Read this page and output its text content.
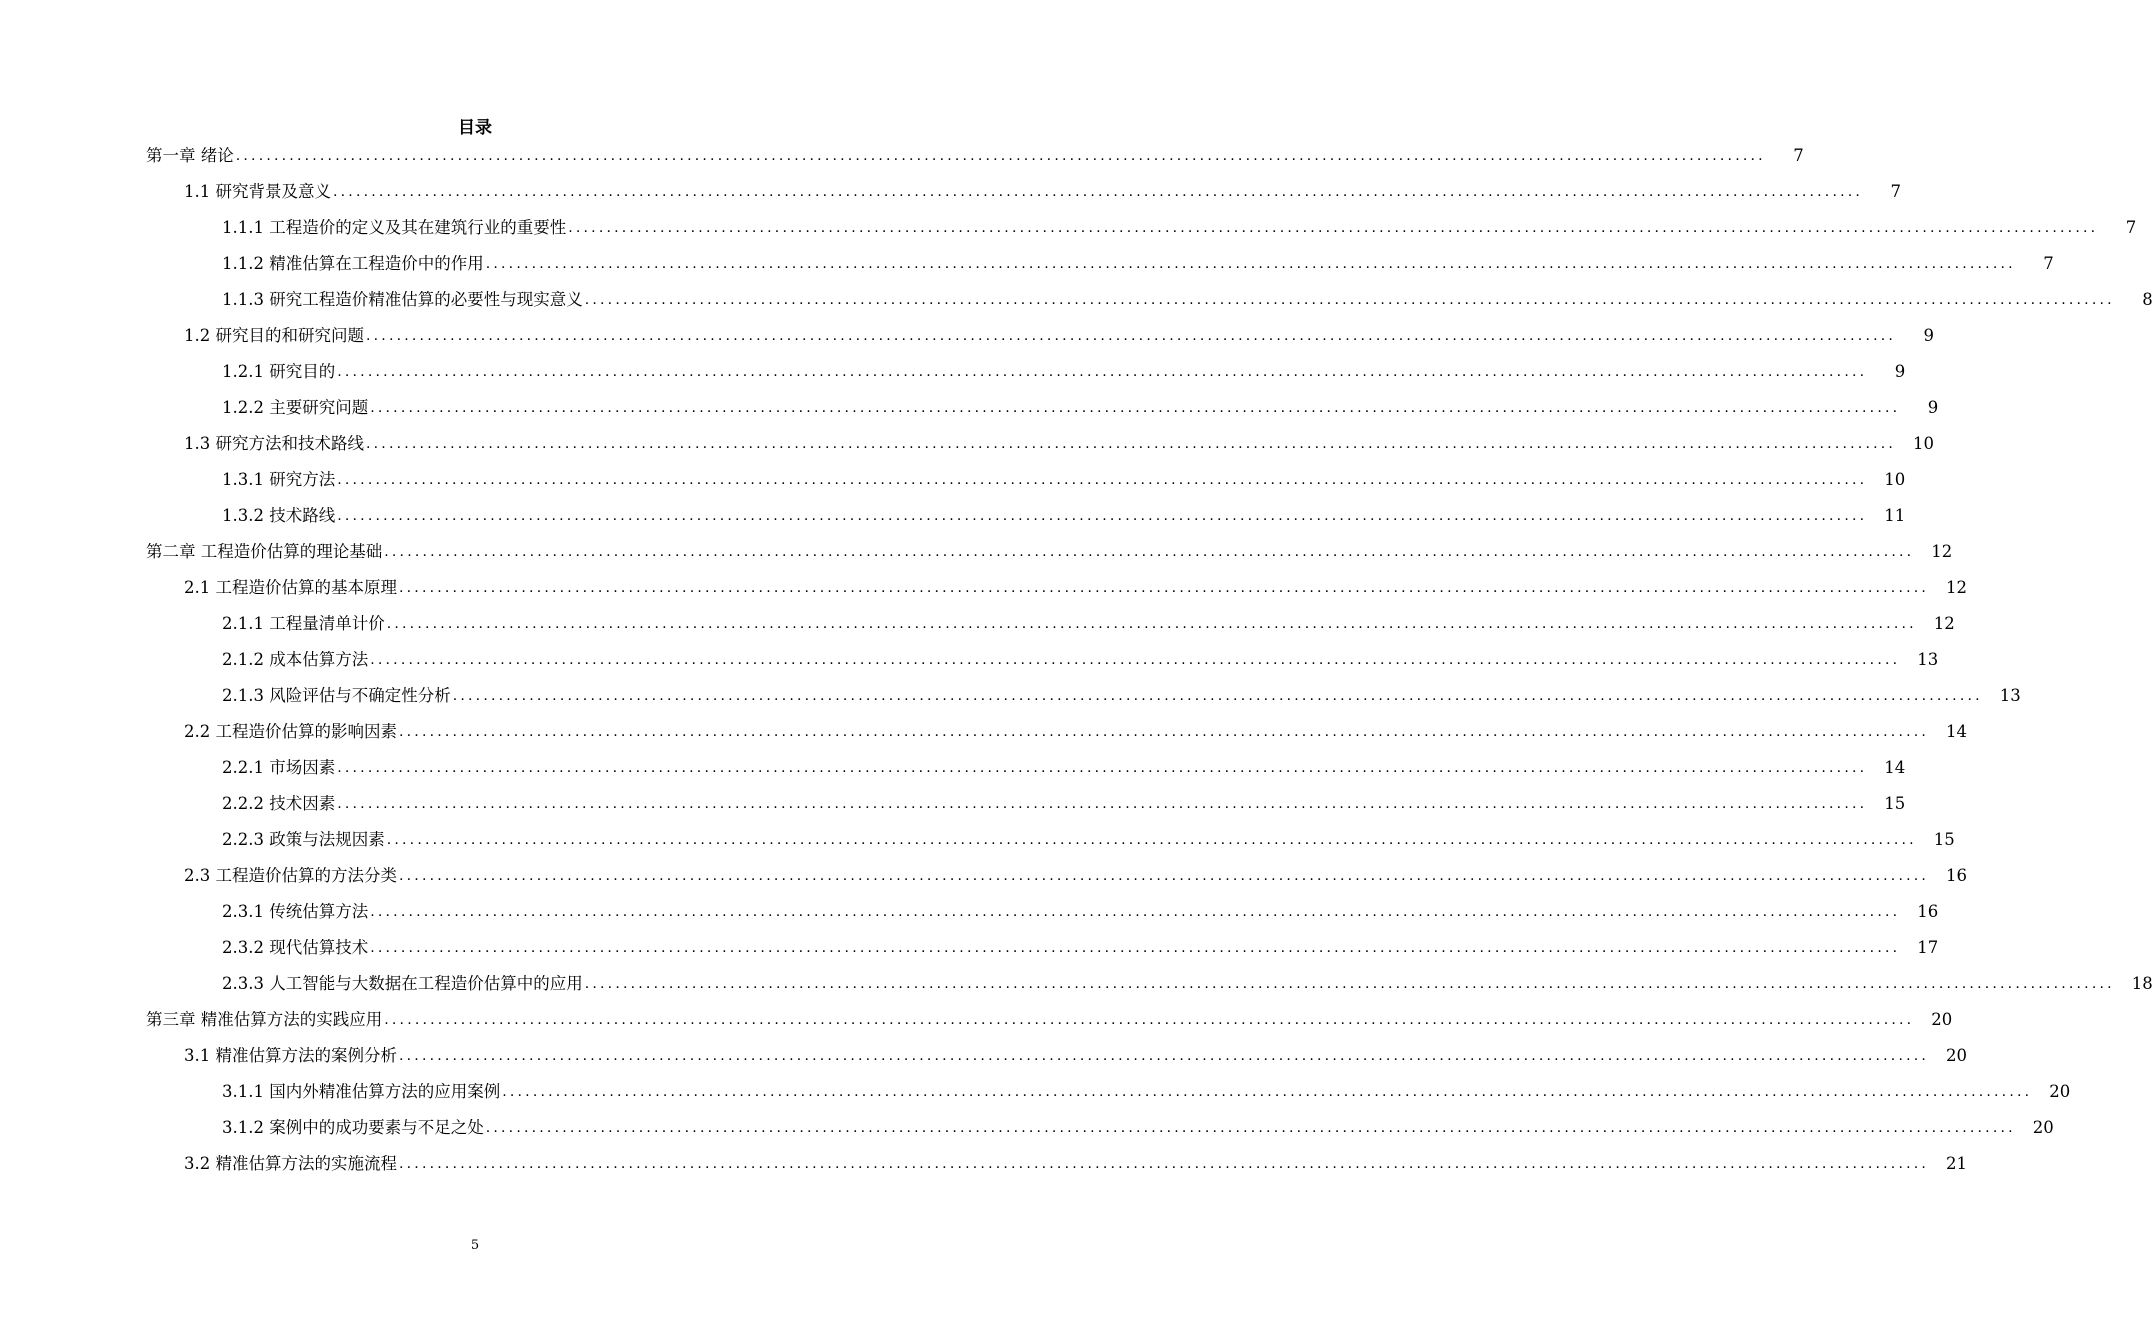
目录
第一章 绪论 ........................................................................................................................................................................................................	7
1.1 研究背景及意义 ........................................................................................................................................................................................................	7
1.1.1 工程造价的定义及其在建筑行业的重要性 ........................................................................................................................................................................................................	7
1.1.2 精准估算在工程造价中的作用 ........................................................................................................................................................................................................	7
1.1.3 研究工程造价精准估算的必要性与现实意义 ........................................................................................................................................................................................................	8
1.2 研究目的和研究问题 ........................................................................................................................................................................................................	9
1.2.1 研究目的 ........................................................................................................................................................................................................	9
1.2.2 主要研究问题 ........................................................................................................................................................................................................	9
1.3 研究方法和技术路线 ........................................................................................................................................................................................................	10
1.3.1 研究方法 ........................................................................................................................................................................................................	10
1.3.2 技术路线 ........................................................................................................................................................................................................	11
第二章 工程造价估算的理论基础 ........................................................................................................................................................................................................	12
2.1 工程造价估算的基本原理 ........................................................................................................................................................................................................	12
2.1.1 工程量清单计价 ........................................................................................................................................................................................................	12
2.1.2 成本估算方法 ........................................................................................................................................................................................................	13
2.1.3 风险评估与不确定性分析 ........................................................................................................................................................................................................	13
2.2 工程造价估算的影响因素 ........................................................................................................................................................................................................	14
2.2.1 市场因素 ........................................................................................................................................................................................................	14
2.2.2 技术因素 ........................................................................................................................................................................................................	15
2.2.3 政策与法规因素 ........................................................................................................................................................................................................	15
2.3 工程造价估算的方法分类 ........................................................................................................................................................................................................	16
2.3.1 传统估算方法 ........................................................................................................................................................................................................	16
2.3.2 现代估算技术 ........................................................................................................................................................................................................	17
2.3.3 人工智能与大数据在工程造价估算中的应用 ........................................................................................................................................................................................................	18
第三章 精准估算方法的实践应用 ........................................................................................................................................................................................................	20
3.1 精准估算方法的案例分析 ........................................................................................................................................................................................................	20
3.1.1 国内外精准估算方法的应用案例 ........................................................................................................................................................................................................	20
3.1.2 案例中的成功要素与不足之处 ........................................................................................................................................................................................................	20
3.2 精准估算方法的实施流程 ........................................................................................................................................................................................................	21
5
